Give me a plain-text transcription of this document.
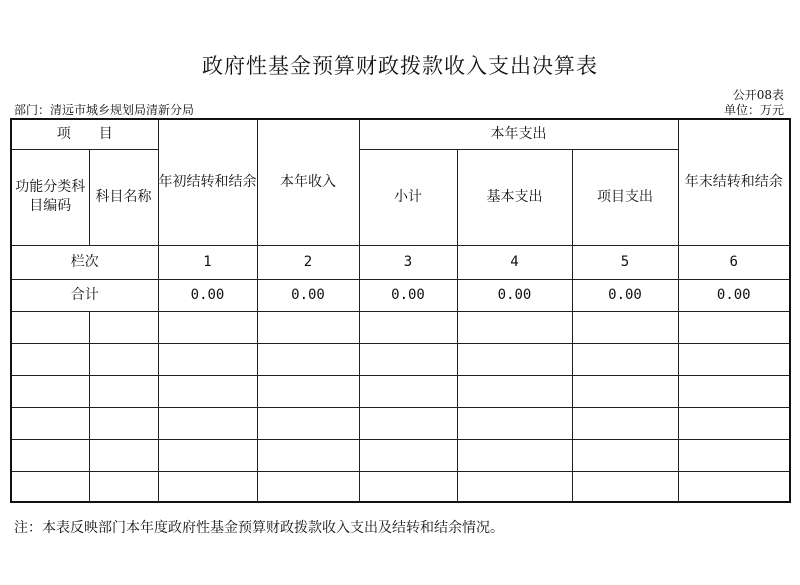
政府性基金预算财政拨款收入支出决算表
公开08表
部门：清远市城乡规划局清新分局	单位：万元
项　　目		年初结转和结余	本年收入	本年支出			年末结转和结余
功能分类科目编码	科目名称			小计	基本支出	项目支出	
栏次		1	2	3	4	5	6
合计		0.00	0.00	0.00	0.00	0.00	0.00

注：本表反映部门本年度政府性基金预算财政拨款收入支出及结转和结余情况。
